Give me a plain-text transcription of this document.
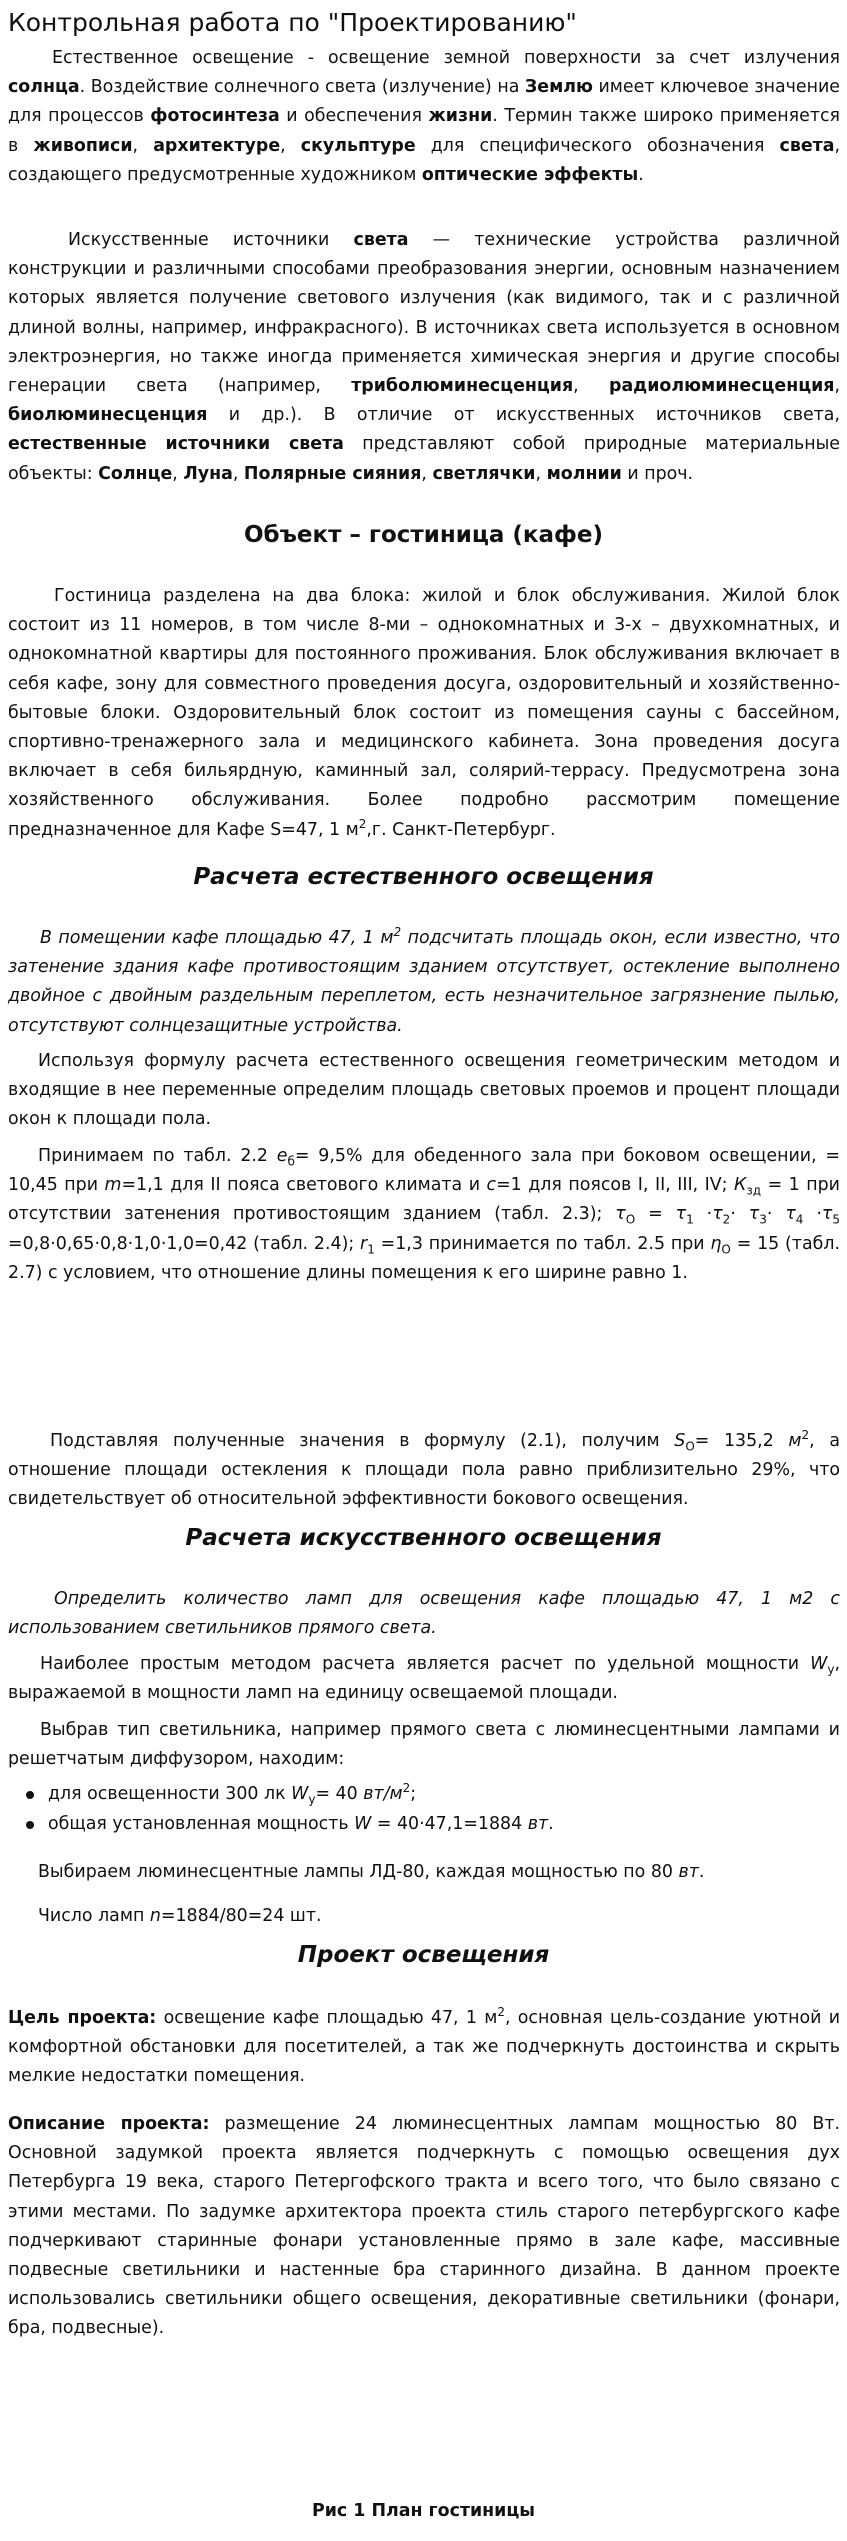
Контрольная работа по "Проектированию"

Естественное освещение - освещение земной поверхности за счет излучения солнца. Воздействие солнечного света (излучение) на Землю имеет ключевое значение для процессов фотосинтеза и обеспечения жизни. Термин также широко применяется в живописи, архитектуре, скульптуре для специфического обозначения света, создающего предусмотренные художником оптические эффекты.

Искусственные источники света — технические устройства различной конструкции и различными способами преобразования энергии, основным назначением которых является получение светового излучения (как видимого, так и с различной длиной волны, например, инфракрасного). В источниках света используется в основном электроэнергия, но также иногда применяется химическая энергия и другие способы генерации света (например, триболюминесценция, радиолюминесценция, биолюминесценция и др.). В отличие от искусственных источников света, естественные источники света представляют собой природные материальные объекты: Солнце, Луна, Полярные сияния, светлячки, молнии и проч.

Объект – гостиница (кафе)

Гостиница разделена на два блока: жилой и блок обслуживания. Жилой блок состоит из 11 номеров, в том числе 8-ми – однокомнатных и 3-х – двухкомнатных, и однокомнатной квартиры для постоянного проживания. Блок обслуживания включает в себя кафе, зону для совместного проведения досуга, оздоровительный и хозяйственно-бытовые блоки. Оздоровительный блок состоит из помещения сауны с бассейном, спортивно-тренажерного зала и медицинского кабинета. Зона проведения досуга включает в себя бильярдную, каминный зал, солярий-террасу. Предусмотрена зона хозяйственного обслуживания. Более подробно рассмотрим помещение предназначенное для Кафе S=47, 1 $м^2,г$. Санкт-Петербург.

Расчета естественного освещения

В помещении кафе площадью 47, 1 $м^2$ подсчитать площадь окон, если известно, что затенение здания кафе противостоящим зданием отсутствует, остекление выполнено двойное с двойным раздельным переплетом, есть незначительное загрязнение пылью, отсутствуют солнцезащитные устройства.

Используя формулу расчета естественного освещения геометрическим методом и входящие в нее переменные определим площадь световых проемов и процент площади окон к площади пола.

Принимаем по табл. 2.2 $e_б= 9,5\%$ для обеденного зала при боковом освещении, = 10,45 при m=1,1 для II пояса светового климата и с=1 для поясов I, II, III, IV; $К_{зд} = 1$ при отсутствии затенения противостоящим зданием (табл. 2.3); $\tau_O = \tau_1 \cdot\tau_2\cdot \tau_3\cdot \tau_4 \cdot\tau_5 =0,8\cdot 0,65\cdot 0,8\cdot 1,0\cdot 1,0=0,42$ (табл. 2.4); $r_1 =1,3$ принимается по табл. 2.5 при $\eta_O = 15$ (табл. 2.7) с условием, что отношение длины помещения к его ширине равно 1.

Подставляя полученные значения в формулу (2.1), получим $S_O= 135,2$ $м^2$, а отношение площади остекления к площади пола равно приблизительно 29%, что свидетельствует об относительной эффективности бокового освещения.

Расчета искусственного освещения

Определить количество ламп для освещения кафе площадью 47, 1 м2 с использованием светильников прямого света.

Наиболее простым методом расчета является расчет по удельной мощности $W_y$, выражаемой в мощности ламп на единицу освещаемой площади.

Выбрав тип светильника, например прямого света с люминесцентными лампами и решетчатым диффузором, находим:

для освещенности 300 лк $W_y= 40$ $вт/м^2$;
общая установленная мощность W = 40·47,1=1884 вт.

Выбираем люминесцентные лампы ЛД-80, каждая мощностью по 80 вт.

Число ламп n=1884/80=24 шт.

Проект освещения

Цель проекта: освещение кафе площадью 47, 1 $м^2$, основная цель-создание уютной и комфортной обстановки для посетителей, а так же подчеркнуть достоинства и скрыть мелкие недостатки помещения.

Описание проекта: размещение 24 люминесцентных лампам мощностью 80 Вт. Основной задумкой проекта является подчеркнуть с помощью освещения дух Петербурга 19 века, старого Петергофского тракта и всего того, что было связано с этими местами. По задумке архитектора проекта стиль старого петербургского кафе подчеркивают старинные фонари установленные прямо в зале кафе, массивные подвесные светильники и настенные бра старинного дизайна. В данном проекте использовались светильники общего освещения, декоративные светильники (фонари, бра, подвесные).

Рис 1 План гостиницы
